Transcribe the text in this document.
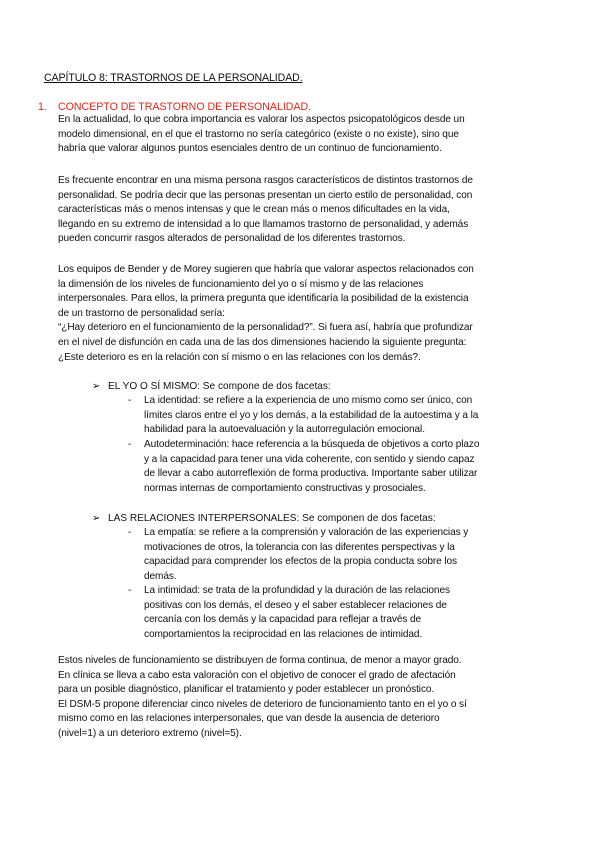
CAPÍTULO 8: TRASTORNOS DE LA PERSONALIDAD.
1. CONCEPTO DE TRASTORNO DE PERSONALIDAD.
En la actualidad, lo que cobra importancia es valorar los aspectos psicopatológicos desde un
modelo dimensional, en el que el trastorno no sería categórico (existe o no existe), sino que
habría que valorar algunos puntos esenciales dentro de un continuo de funcionamiento.
Es frecuente encontrar en una misma persona rasgos característicos de distintos trastornos de
personalidad. Se podría decir que las personas presentan un cierto estilo de personalidad, con
características más o menos intensas y que le crean más o menos dificultades en la vida,
llegando en su extremo de intensidad a lo que llamamos trastorno de personalidad, y además
pueden concurrir rasgos alterados de personalidad de los diferentes trastornos.
Los equipos de Bender y de Morey sugieren que habría que valorar aspectos relacionados con
la dimensión de los niveles de funcionamiento del yo o sí mismo y de las relaciones
interpersonales. Para ellos, la primera pregunta que identificaría la posibilidad de la existencia
de un trastorno de personalidad sería:
“¿Hay deterioro en el funcionamiento de la personalidad?”. Si fuera así, habría que profundizar
en el nivel de disfunción en cada una de las dos dimensiones haciendo la siguiente pregunta:
¿Este deterioro es en la relación con sí mismo o en las relaciones con los demás?.
➢ EL YO O SÍ MISMO: Se compone de dos facetas:
- La identidad: se refiere a la experiencia de uno mismo como ser único, con
límites claros entre el yo y los demás, a la estabilidad de la autoestima y a la
habilidad para la autoevaluación y la autorregulación emocional.
- Autodeterminación: hace referencia a la búsqueda de objetivos a corto plazo
y a la capacidad para tener una vida coherente, con sentido y siendo capaz
de llevar a cabo autorreflexión de forma productiva. Importante saber utilizar
normas internas de comportamiento constructivas y prosociales.
➢ LAS RELACIONES INTERPERSONALES: Se componen de dos facetas:
- La empatía: se refiere a la comprensión y valoración de las experiencias y
motivaciones de otros, la tolerancia con las diferentes perspectivas y la
capacidad para comprender los efectos de la propia conducta sobre los
demás.
- La intimidad: se trata de la profundidad y la duración de las relaciones
positivas con los demás, el deseo y el saber establecer relaciones de
cercanía con los demás y la capacidad para reflejar a través de
comportamientos la reciprocidad en las relaciones de intimidad.
Estos niveles de funcionamiento se distribuyen de forma continua, de menor a mayor grado.
En clínica se lleva a cabo esta valoración con el objetivo de conocer el grado de afectación
para un posible diagnóstico, planificar el tratamiento y poder establecer un pronóstico.
El DSM-5 propone diferenciar cinco niveles de deterioro de funcionamiento tanto en el yo o sí
mismo como en las relaciones interpersonales, que van desde la ausencia de deterioro
(nivel=1) a un deterioro extremo (nivel=5).
